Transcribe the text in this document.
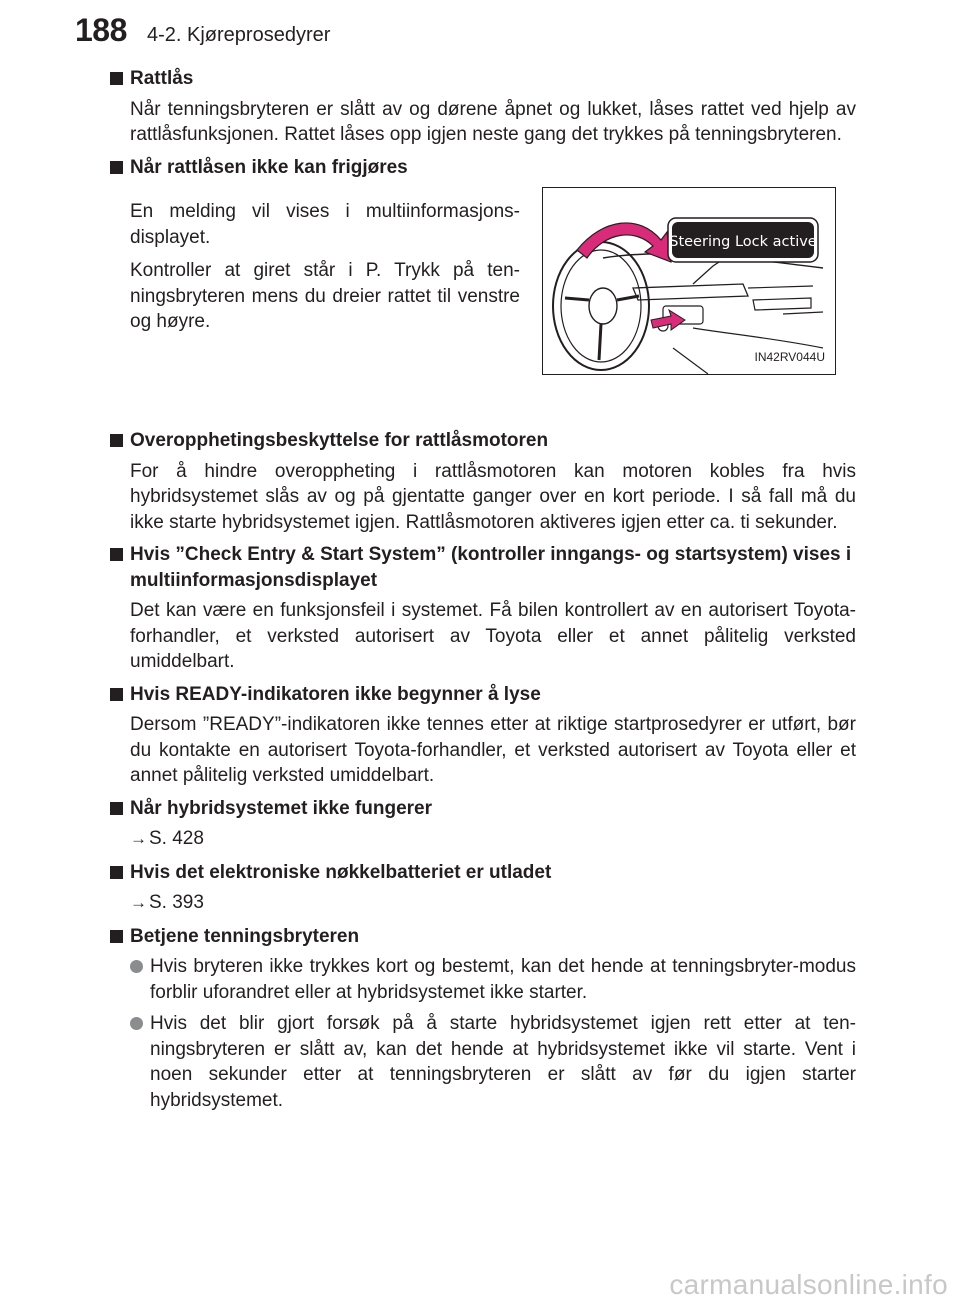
188 4-2. Kjøreprosedyrer
Rattlås

Når tenningsbryteren er slått av og dørene åpnet og lukket, låses rattet ved hjelp av rattlåsfunksjonen. Rattet låses opp igjen neste gang det trykkes på tenningsbryteren.

Når rattlåsen ikke kan frigjøres

En melding vil vises i multiinformasjons-displayet.

Kontroller at giret står i P. Trykk på ten-ningsbryteren mens du dreier rattet til venstre og høyre.

Steering Lock active
IN42RV044U
Overopphetingsbeskyttelse for rattlåsmotoren

For å hindre overoppheting i rattlåsmotoren kan motoren kobles fra hvis hybridsystemet slås av og på gjentatte ganger over en kort periode. I så fall må du ikke starte hybridsystemet igjen. Rattlåsmotoren aktiveres igjen etter ca. ti sekunder.

Hvis ”Check Entry & Start System” (kontroller inngangs- og startsystem) vises i multiinformasjonsdisplayet

Det kan være en funksjonsfeil i systemet. Få bilen kontrollert av en autorisert Toyota-forhandler, et verksted autorisert av Toyota eller et annet pålitelig verksted umiddelbart.

Hvis READY-indikatoren ikke begynner å lyse

Dersom ”READY”-indikatoren ikke tennes etter at riktige startprosedyrer er utført, bør du kontakte en autorisert Toyota-forhandler, et verksted autorisert av Toyota eller et annet pålitelig verksted umiddelbart.

Når hybridsystemet ikke fungerer

→ S. 428

Hvis det elektroniske nøkkelbatteriet er utladet

→ S. 393

Betjene tenningsbryteren
Hvis bryteren ikke trykkes kort og bestemt, kan det hende at tenningsbryter-modus forblir uforandret eller at hybridsystemet ikke starter.
Hvis det blir gjort forsøk på å starte hybridsystemet igjen rett etter at ten-ningsbryteren er slått av, kan det hende at hybridsystemet ikke vil starte. Vent i noen sekunder etter at tenningsbryteren er slått av før du igjen starter hybridsystemet.
carmanualsonline.info
